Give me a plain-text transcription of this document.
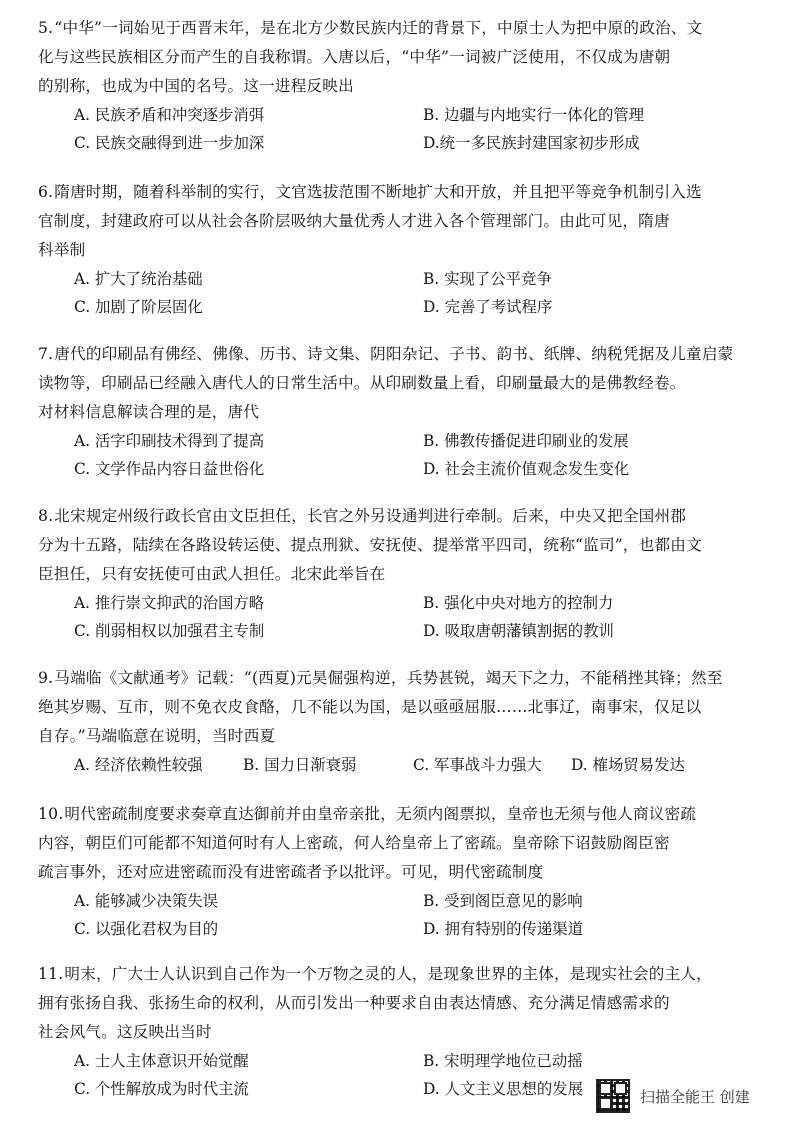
5.“中华”一词始见于西晋末年，是在北方少数民族内迁的背景下，中原士人为把中原的政治、文
化与这些民族相区分而产生的自我称谓。入唐以后，“中华”一词被广泛使用，不仅成为唐朝
的别称，也成为中国的名号。这一进程反映出

A. 民族矛盾和冲突逐步消弭	B. 边疆与内地实行一体化的管理
C. 民族交融得到进一步加深	D.统一多民族封建国家初步形成

6.隋唐时期，随着科举制的实行，文官选拔范围不断地扩大和开放，并且把平等竞争机制引入选
官制度，封建政府可以从社会各阶层吸纳大量优秀人才进入各个管理部门。由此可见，隋唐
科举制

A. 扩大了统治基础	B. 实现了公平竞争
C. 加剧了阶层固化	D. 完善了考试程序

7.唐代的印刷品有佛经、佛像、历书、诗文集、阴阳杂记、子书、韵书、纸牌、纳税凭据及儿童启蒙
读物等，印刷品已经融入唐代人的日常生活中。从印刷数量上看，印刷量最大的是佛教经卷。
对材料信息解读合理的是，唐代

A. 活字印刷技术得到了提高	B. 佛教传播促进印刷业的发展
C. 文学作品内容日益世俗化	D. 社会主流价值观念发生变化

8.北宋规定州级行政长官由文臣担任，长官之外另设通判进行牵制。后来，中央又把全国州郡
分为十五路，陆续在各路设转运使、提点刑狱、安抚使、提举常平四司，统称“监司”，也都由文
臣担任，只有安抚使可由武人担任。北宋此举旨在

A. 推行崇文抑武的治国方略	B. 强化中央对地方的控制力
C. 削弱相权以加强君主专制	D. 吸取唐朝藩镇割据的教训

9.马端临《文献通考》记载：“(西夏)元昊倔强构逆，兵势甚锐，竭天下之力，不能稍挫其锋；然至
绝其岁赐、互市，则不免衣皮食酪，几不能以为国，是以亟亟屈服……北事辽，南事宋，仅足以
自存。”马端临意在说明，当时西夏

A. 经济依赖性较强	B. 国力日渐衰弱	C. 军事战斗力强大 D. 榷场贸易发达

10.明代密疏制度要求奏章直达御前并由皇帝亲批，无须内阁票拟，皇帝也无须与他人商议密疏
内容，朝臣们可能都不知道何时有人上密疏，何人给皇帝上了密疏。皇帝除下诏鼓励阁臣密
疏言事外，还对应进密疏而没有进密疏者予以批评。可见，明代密疏制度

A. 能够减少决策失误	B. 受到阁臣意见的影响
C. 以强化君权为目的	D. 拥有特别的传递渠道

11.明末，广大士人认识到自己作为一个万物之灵的人，是现象世界的主体，是现实社会的主人，
拥有张扬自我、张扬生命的权利，从而引发出一种要求自由表达情感、充分满足情感需求的
社会风气。这反映出当时

A. 士人主体意识开始觉醒	B. 宋明理学地位已动摇
C. 个性解放成为时代主流	D. 人文主义思想的发展	扫描全能王 创建
